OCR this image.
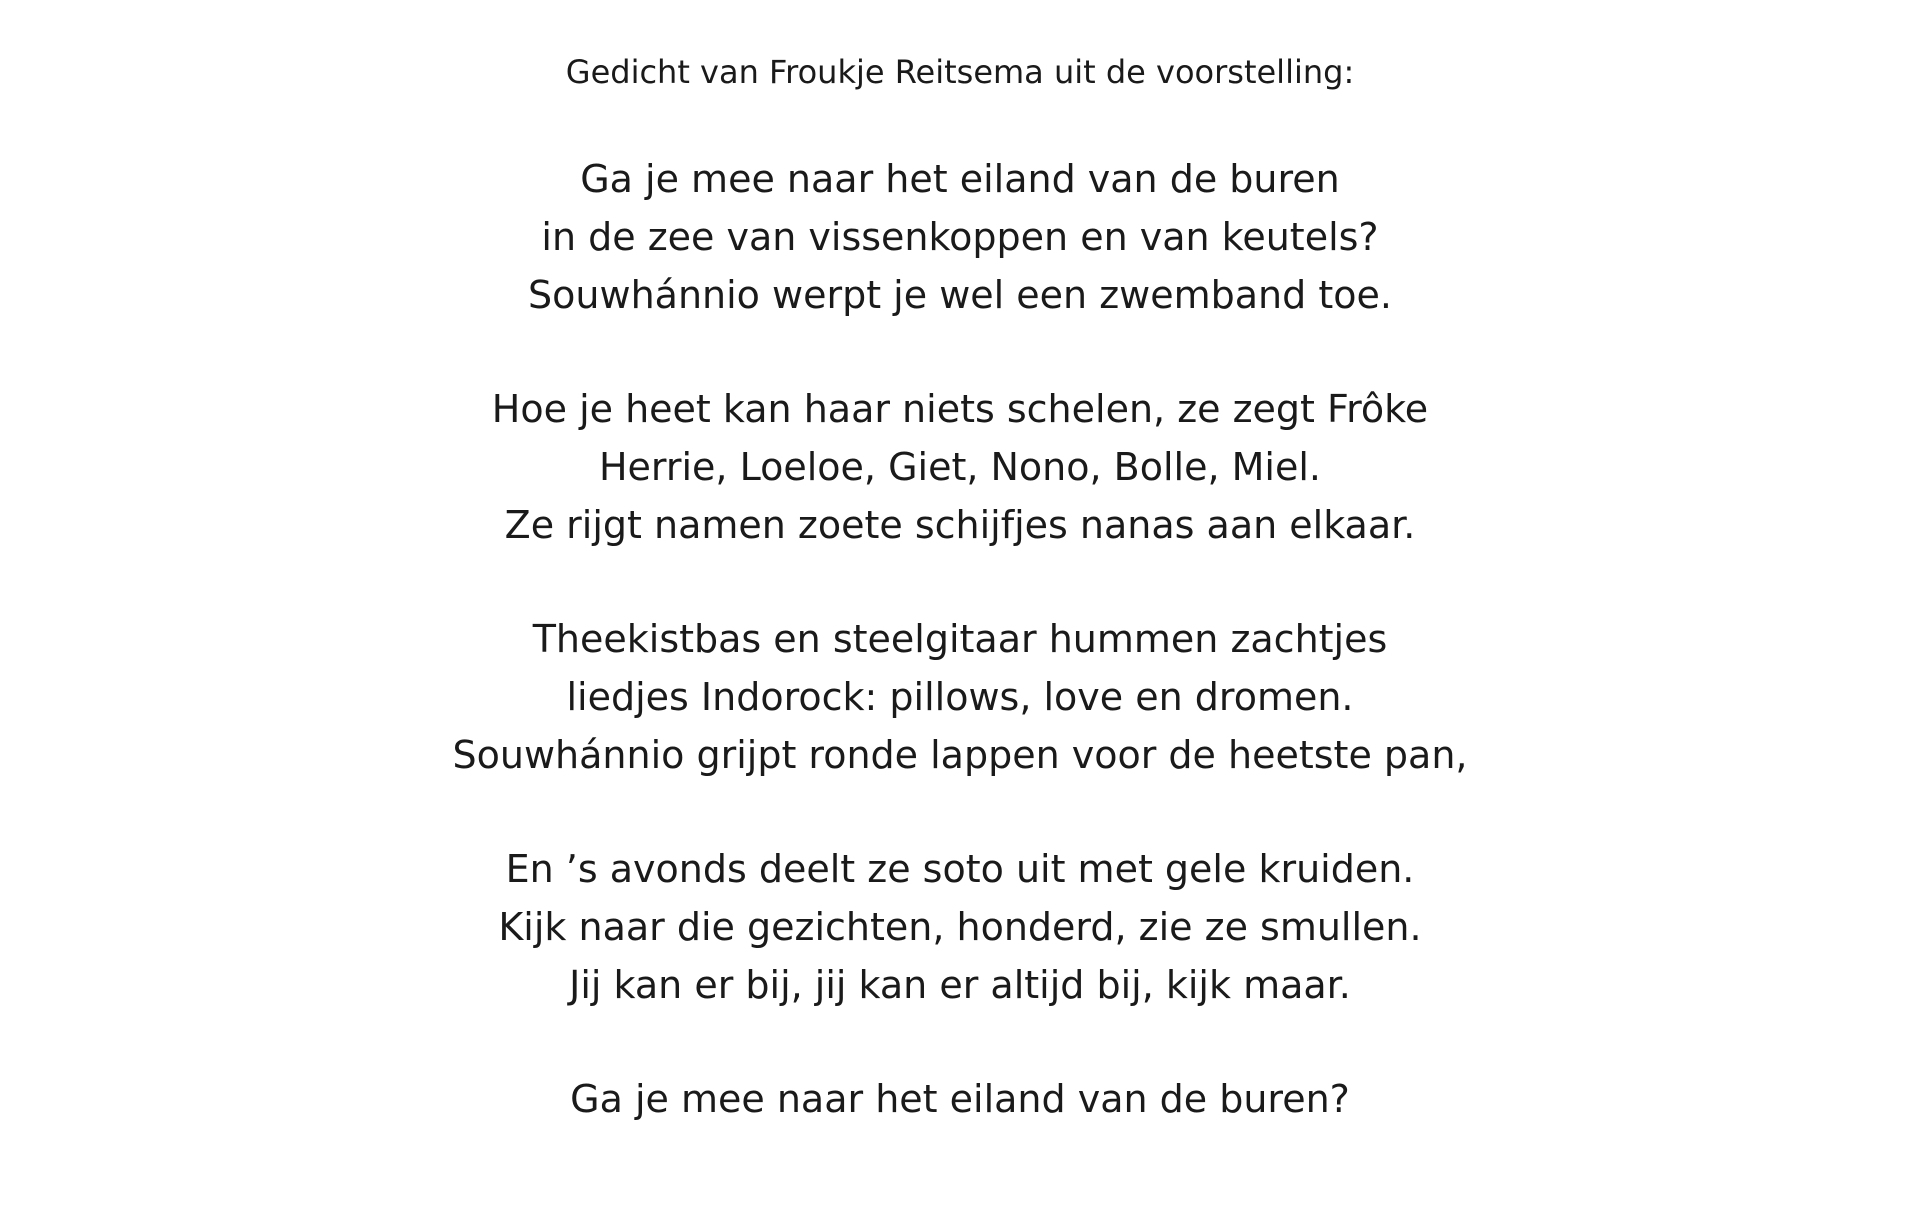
Gedicht van Froukje Reitsema uit de voorstelling:
Ga je mee naar het eiland van de buren
in de zee van vissenkoppen en van keutels?
Souwhánnio werpt je wel een zwemband toe.
Hoe je heet kan haar niets schelen, ze zegt Frôke
Herrie, Loeloe, Giet, Nono, Bolle, Miel.
Ze rijgt namen zoete schijfjes nanas aan elkaar.
Theekistbas en steelgitaar hummen zachtjes
liedjes Indorock: pillows, love en dromen.
Souwhánnio grijpt ronde lappen voor de heetste pan,
En ’s avonds deelt ze soto uit met gele kruiden.
Kijk naar die gezichten, honderd, zie ze smullen.
Jij kan er bij, jij kan er altijd bij, kijk maar.
Ga je mee naar het eiland van de buren?
